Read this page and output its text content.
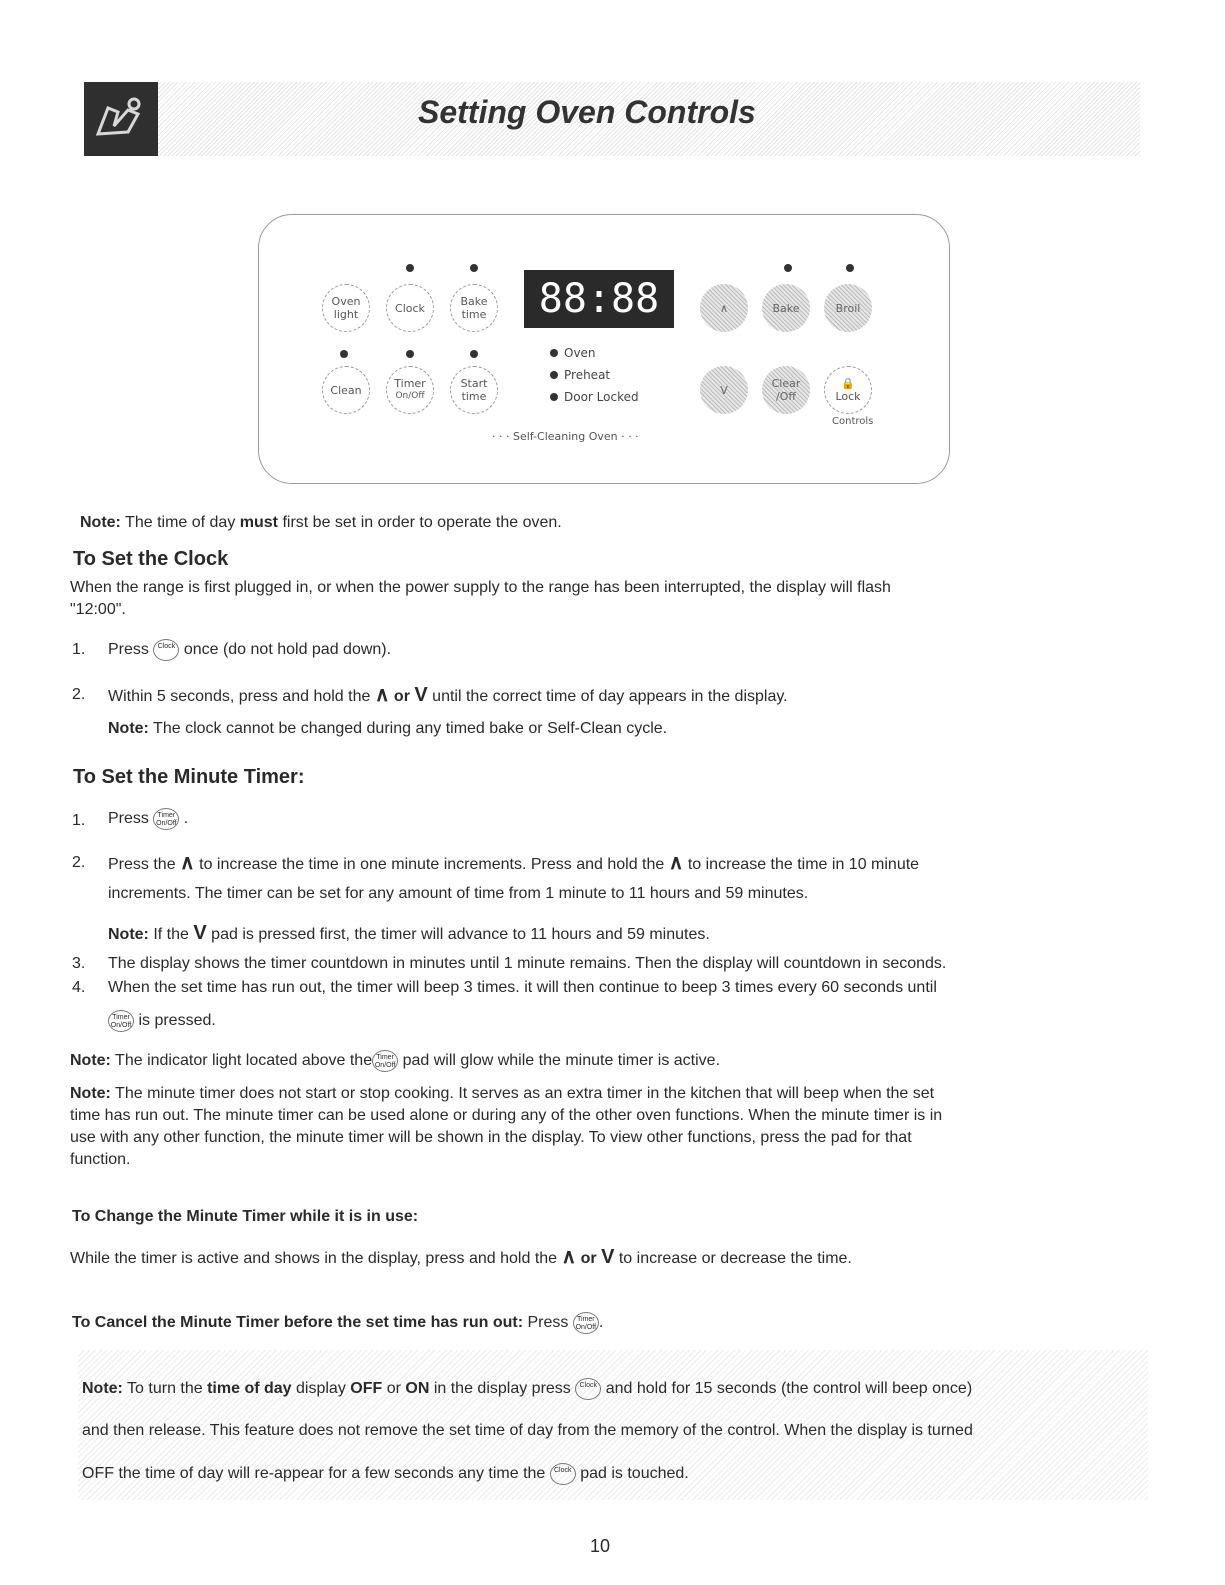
Setting Oven Controls
Oven
light	Clock	Bake
time
Clean	Timer
On/Off
Start
time
88:88
Oven
Preheat
Door Locked
· · · Self-Cleaning Oven · · ·
∧	Bake	Broil
V	Clear
/Off
🔒
Lock
Controls
Note: The time of day must first be set in order to operate the oven.
To Set the Clock
When the range is first plugged in, or when the power supply to the range has been interrupted, the display will flash
"12:00".
1. Press Clock once (do not hold pad down).
2. Within 5 seconds, press and hold the ∧ or V until the correct time of day appears in the display.
Note: The clock cannot be changed during any timed bake or Self-Clean cycle.
To Set the Minute Timer:
1. Press Timer
On/Off .
2. Press the ∧ to increase the time in one minute increments. Press and hold the ∧ to increase the time in 10 minute
increments. The timer can be set for any amount of time from 1 minute to 11 hours and 59 minutes.
Note: If the V pad is pressed first, the timer will advance to 11 hours and 59 minutes.
3. The display shows the timer countdown in minutes until 1 minute remains. Then the display will countdown in seconds.
4. When the set time has run out, the timer will beep 3 times. it will then continue to beep 3 times every 60 seconds until
Timer
On/Off is pressed.
Note: The indicator light located above the Timer
On/Off pad will glow while the minute timer is active.
Note: The minute timer does not start or stop cooking. It serves as an extra timer in the kitchen that will beep when the set
time has run out. The minute timer can be used alone or during any of the other oven functions. When the minute timer is in
use with any other function, the minute timer will be shown in the display. To view other functions, press the pad for that
function.
To Change the Minute Timer while it is in use:
While the timer is active and shows in the display, press and hold the ∧ or V to increase or decrease the time.
To Cancel the Minute Timer before the set time has run out: Press Timer
On/Off .
Note: To turn the time of day display OFF or ON in the display press Clock and hold for 15 seconds (the control will beep once)
and then release. This feature does not remove the set time of day from the memory of the control. When the display is turned
OFF the time of day will re-appear for a few seconds any time the Clock pad is touched.
10
